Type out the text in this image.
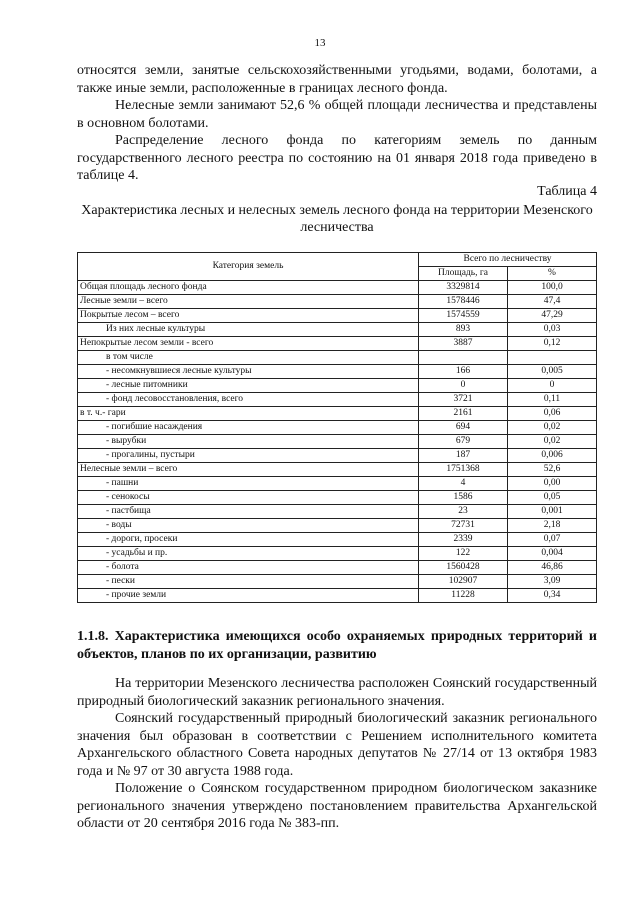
13

относятся земли, занятые сельскохозяйственными угодьями, водами, болотами, а также иные земли, расположенные в границах лесного фонда.

Нелесные земли занимают 52,6 % общей площади лесничества и представлены в основном болотами.

Распределение лесного фонда по категориям земель по данным государственного лесного реестра по состоянию на 01 января 2018 года приведено в таблице 4.

Таблица 4
Характеристика лесных и нелесных земель лесного фонда на территории Мезенского лесничества
Категория земель	Всего по лесничеству	
	Площадь, га	%
Общая площадь лесного фонда	3329814	100,0
Лесные земли – всего	1578446	47,4
Покрытые лесом – всего	1574559	47,29
Из них лесные культуры	893	0,03
Непокрытые лесом земли - всего	3887	0,12
в том числе		
- несомкнувшиеся лесные культуры	166	0,005
- лесные питомники	0	0
- фонд лесовосстановления, всего	3721	0,11
в т. ч.- гари	2161	0,06
- погибшие насаждения	694	0,02
- вырубки	679	0,02
- прогалины, пустыри	187	0,006
Нелесные земли – всего	1751368	52,6
- пашни	4	0,00
- сенокосы	1586	0,05
- пастбища	23	0,001
- воды	72731	2,18
- дороги, просеки	2339	0,07
- усадьбы и пр.	122	0,004
- болота	1560428	46,86
- пески	102907	3,09
- прочие земли	11228	0,34
1.1.8. Характеристика имеющихся особо охраняемых природных территорий и объектов, планов по их организации, развитию

На территории Мезенского лесничества расположен Соянский государственный природный биологический заказник регионального значения.

Соянский государственный природный биологический заказник регионального значения был образован в соответствии с Решением исполнительного комитета Архангельского областного Совета народных депутатов № 27/14 от 13 октября 1983 года и № 97 от 30 августа 1988 года.

Положение о Соянском государственном природном биологическом заказнике регионального значения утверждено постановлением правительства Архангельской области от 20 сентября 2016 года № 383-пп.
